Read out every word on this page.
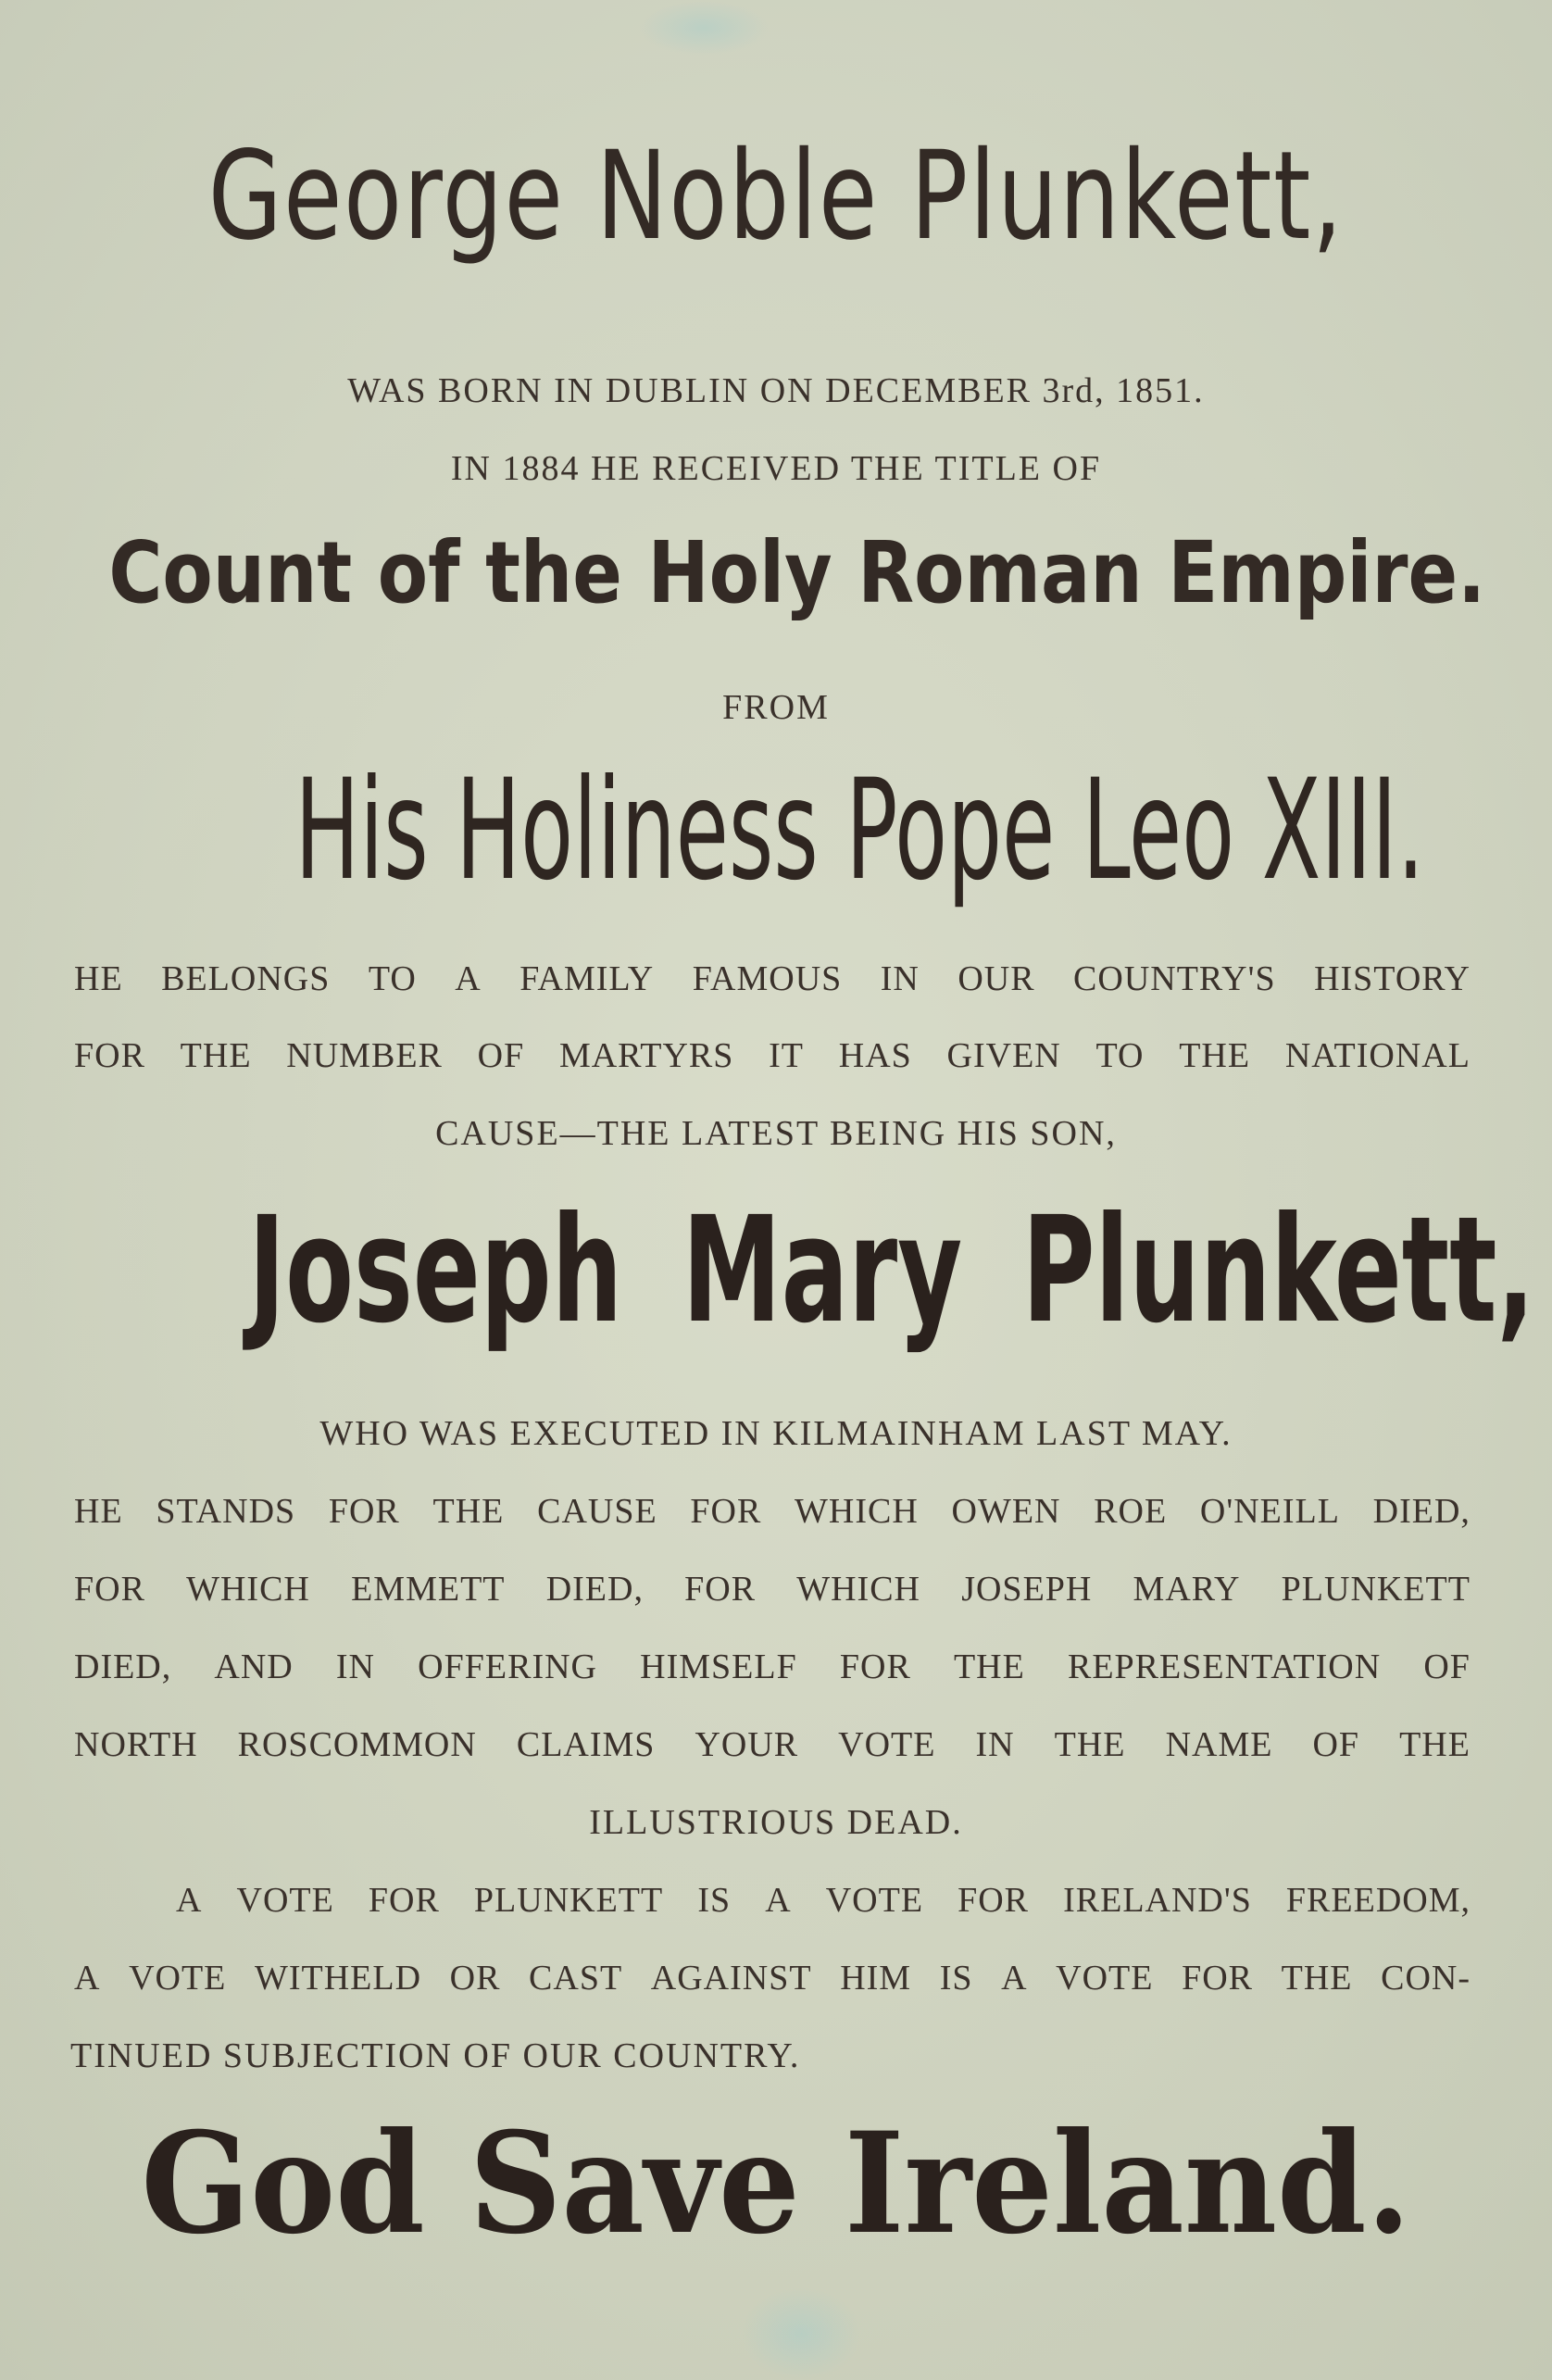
George Noble Plunkett,
WAS BORN IN DUBLIN ON DECEMBER 3rd, 1851.
IN 1884 HE RECEIVED THE TITLE OF
Count of the Holy Roman Empire.
FROM
His Holiness Pope Leo XIII.
HE BELONGS TO A FAMILY FAMOUS IN OUR COUNTRY'S HISTORY
FOR THE NUMBER OF MARTYRS IT HAS GIVEN TO THE NATIONAL
CAUSE—THE LATEST BEING HIS SON,
Joseph Mary Plunkett,
WHO WAS EXECUTED IN KILMAINHAM LAST MAY.
HE STANDS FOR THE CAUSE FOR WHICH OWEN ROE O'NEILL DIED,
FOR WHICH EMMETT DIED, FOR WHICH JOSEPH MARY PLUNKETT
DIED, AND IN OFFERING HIMSELF FOR THE REPRESENTATION OF
NORTH ROSCOMMON CLAIMS YOUR VOTE IN THE NAME OF THE
ILLUSTRIOUS DEAD.
A VOTE FOR PLUNKETT IS A VOTE FOR IRELAND'S FREEDOM,
A VOTE WITHELD OR CAST AGAINST HIM IS A VOTE FOR THE CON-
TINUED SUBJECTION OF OUR COUNTRY.
God Save Ireland.
